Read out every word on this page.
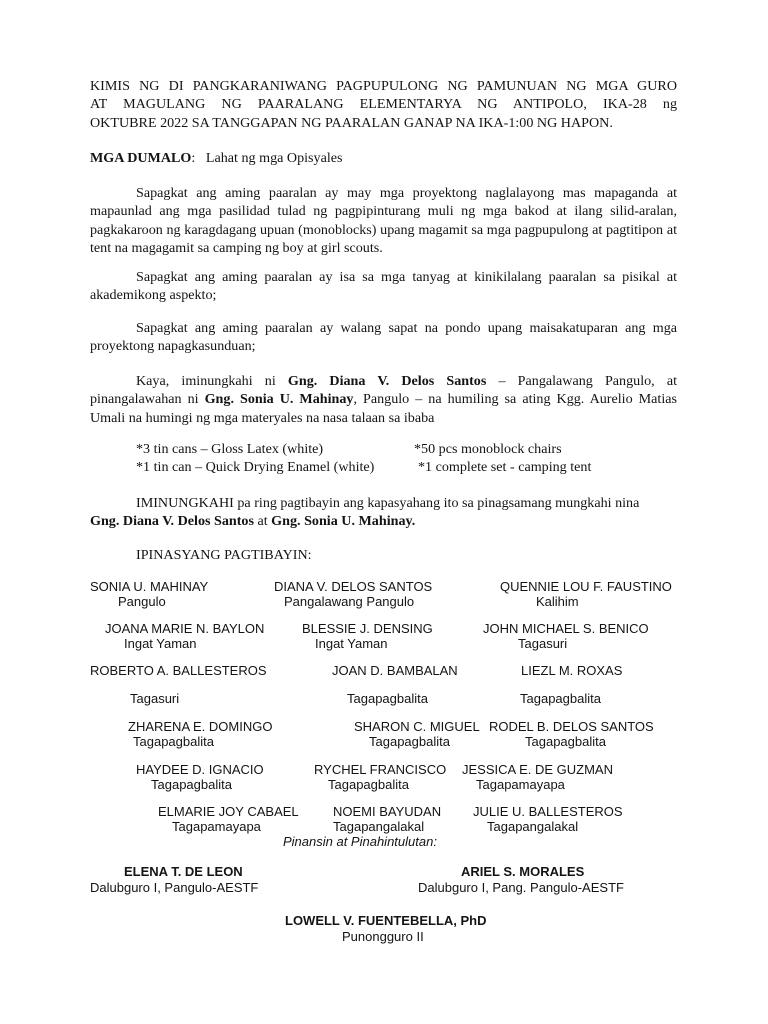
KIMIS NG DI PANGKARANIWANG PAGPUPULONG NG PAMUNUAN NG MGA GURO
AT MAGULANG NG PAARALANG ELEMENTARYA NG ANTIPOLO, IKA-28 ng
OKTUBRE 2022 SA TANGGAPAN NG PAARALAN GANAP NA IKA-1:00 NG HAPON.
MGA DUMALO: Lahat ng mga Opisyales
Sapagkat ang aming paaralan ay may mga proyektong naglalayong mas mapaganda at mapaunlad ang mga pasilidad tulad ng pagpipinturang muli ng mga bakod at ilang silid-aralan, pagkakaroon ng karagdagang upuan (monoblocks) upang magamit sa mga pagpupulong at pagtitipon at tent na magagamit sa camping ng boy at girl scouts.
Sapagkat ang aming paaralan ay isa sa mga tanyag at kinikilalang paaralan sa pisikal at akademikong aspekto;
Sapagkat ang aming paaralan ay walang sapat na pondo upang maisakatuparan ang mga proyektong napagkasunduan;
Kaya, iminungkahi ni Gng. Diana V. Delos Santos – Pangalawang Pangulo, at pinangalawahan ni Gng. Sonia U. Mahinay, Pangulo – na humiling sa ating Kgg. Aurelio Matias Umali na humingi ng mga materyales na nasa talaan sa ibaba
*3 tin cans – Gloss Latex (white)
*1 tin can – Quick Drying Enamel (white)
*50 pcs monoblock chairs
*1 complete set - camping tent
IMINUNGKAHI pa ring pagtibayin ang kapasyahang ito sa pinagsamang mungkahi nina
Gng. Diana V. Delos Santos at Gng. Sonia U. Mahinay.
IPINASYANG PAGTIBAYIN:
SONIA U. MAHINAY
Pangulo
DIANA V. DELOS SANTOS
Pangalawang Pangulo
QUENNIE LOU F. FAUSTINO
Kalihim
JOANA MARIE N. BAYLON
Ingat Yaman
BLESSIE J. DENSING
Ingat Yaman
JOHN MICHAEL S. BENICO
Tagasuri
ROBERTO A. BALLESTEROS
Tagasuri
JOAN D. BAMBALAN
Tagapagbalita
LIEZL M. ROXAS
Tagapagbalita
ZHARENA E. DOMINGO
Tagapagbalita
SHARON C. MIGUEL
Tagapagbalita
RODEL B. DELOS SANTOS
Tagapagbalita
HAYDEE D. IGNACIO
Tagapagbalita
RYCHEL FRANCISCO
Tagapagbalita
JESSICA E. DE GUZMAN
Tagapamayapa
ELMARIE JOY CABAEL
Tagapamayapa
NOEMI BAYUDAN
Tagapangalakal
JULIE U. BALLESTEROS
Tagapangalakal
Pinansin at Pinahintulutan:
ELENA T. DE LEON
Dalubguro I, Pangulo-AESTF
ARIEL S. MORALES
Dalubguro I, Pang. Pangulo-AESTF
LOWELL V. FUENTEBELLA, PhD
Punongguro II
